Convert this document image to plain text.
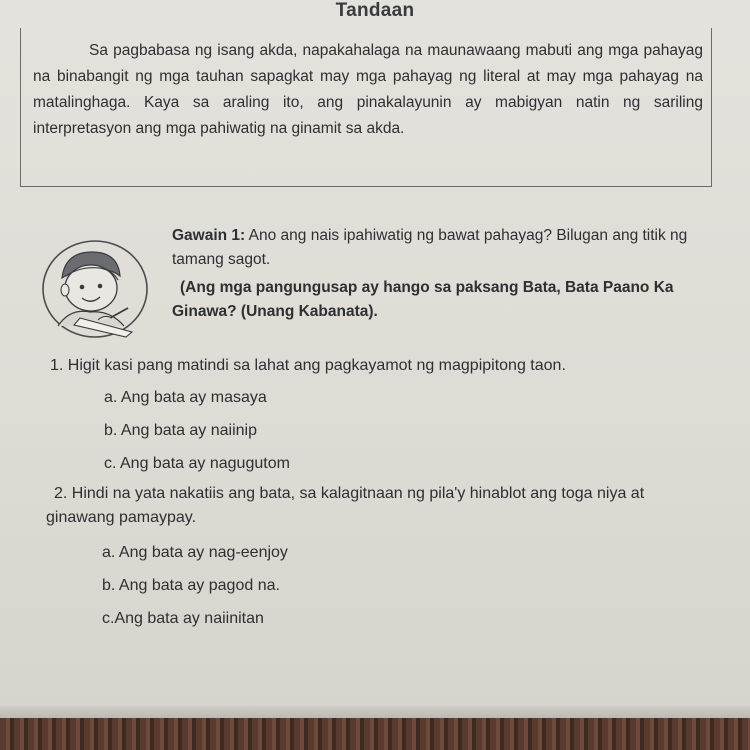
Tandaan

Sa pagbabasa ng isang akda, napakahalaga na maunawaang mabuti ang mga pahayag na binabangit ng mga tauhan sapagkat may mga pahayag ng literal at may mga pahayag na matalinghaga. Kaya sa araling ito, ang pinakalayunin ay mabigyan natin ng sariling interpretasyon ang mga pahiwatig na ginamit sa akda.

Gawain 1: Ano ang nais ipahiwatig ng bawat pahayag? Bilugan ang titik ng tamang sagot.
(Ang mga pangungusap ay hango sa paksang Bata, Bata Paano Ka Ginawa? (Unang Kabanata).
1. Higit kasi pang matindi sa lahat ang pagkayamot ng magpipitong taon.
a. Ang bata ay masaya
b. Ang bata ay naiinip
c. Ang bata ay nagugutom
2. Hindi na yata nakatiis ang bata, sa kalagitnaan ng pila'y hinablot ang toga niya at ginawang pamaypay.
a. Ang bata ay nag-eenjoy
b. Ang bata ay pagod na.
c.Ang bata ay naiinitan
